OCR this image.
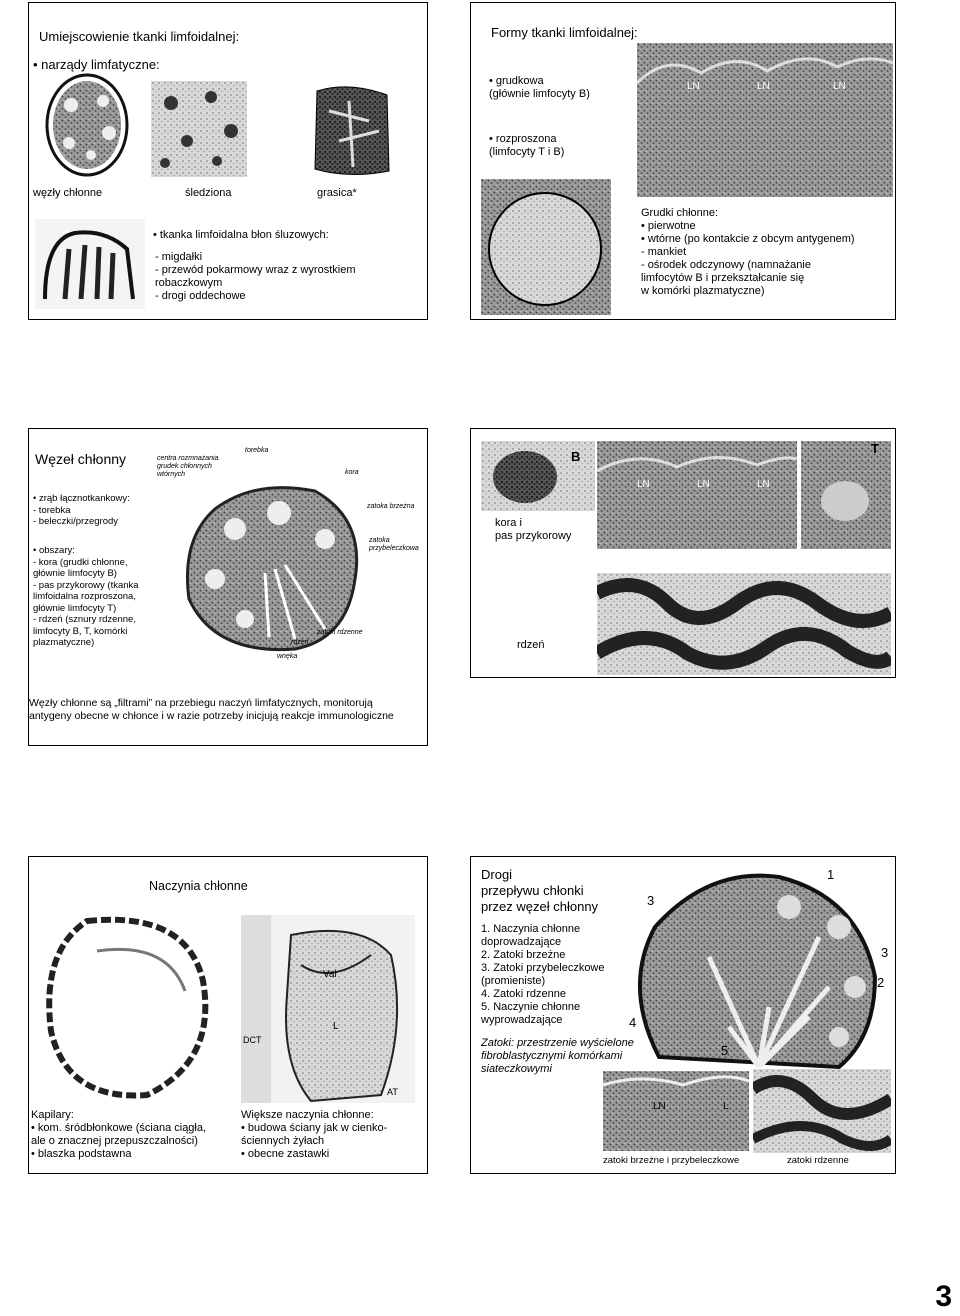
Umiejscowienie tkanki limfoidalnej:
• narządy limfatyczne:
węzły chłonne	śledziona	grasica*
• tkanka limfoidalna błon śluzowych:
- migdałki
- przewód pokarmowy wraz z wyrostkiem
robaczkowym
- drogi oddechowe
Formy tkanki limfoidalnej:
• grudkowa
(głównie limfocyty B)
• rozproszona
(limfocyty T i B)
LN	LN	LN
Grudki chłonne:
• pierwotne
• wtórne (po kontakcie z obcym antygenem)
- mankiet
- ośrodek odczynowy (namnażanie
limfocytów B i przekształcanie się
w komórki plazmatyczne)
Węzeł chłonny
• zrąb łącznotkankowy:
- torebka
- beleczki/przegrody
• obszary:
- kora (grudki chłonne,
głównie limfocyty B)
- pas przykorowy (tkanka
limfoidalna rozproszona,
głównie limfocyty T)
- rdzeń (sznury rdzenne,
limfocyty B, T, komórki
plazmatyczne)
centra rozmnażania
grudek chłonnych
wtórnych
torebka
kora
zatoka brzeżna
zatoka
przybeleczkowa
rdzeń
zatoki rdzenne
wnęka
Węzły chłonne są „filtrami” na przebiegu naczyń limfatycznych, monitorują
antygeny obecne w chłonce i w razie potrzeby inicjują reakcje immunologiczne
B
LN	LN	LN
T
kora i
pas przykorowy
rdzeń
Naczynia chłonne
Val
DCT
L
AT
Kapilary:
• kom. śródbłonkowe (ściana ciągła,
ale o znacznej przepuszczalności)
• blaszka podstawna
Większe naczynia chłonne:
• budowa ściany jak w cienko-
ściennych żyłach
• obecne zastawki
Drogi
przepływu chłonki
przez węzeł chłonny
1. Naczynia chłonne
doprowadzające
2. Zatoki brzeżne
3. Zatoki przybeleczkowe
(promieniste)
4. Zatoki rdzenne
5. Naczynie chłonne
wyprowadzające
1
3
3
2
4
5
Zatoki: przestrzenie wyścielone
fibroblastycznymi komórkami
siateczkowymi
LN	L
zatoki brzeżne i przybeleczkowe	zatoki rdzenne
3
